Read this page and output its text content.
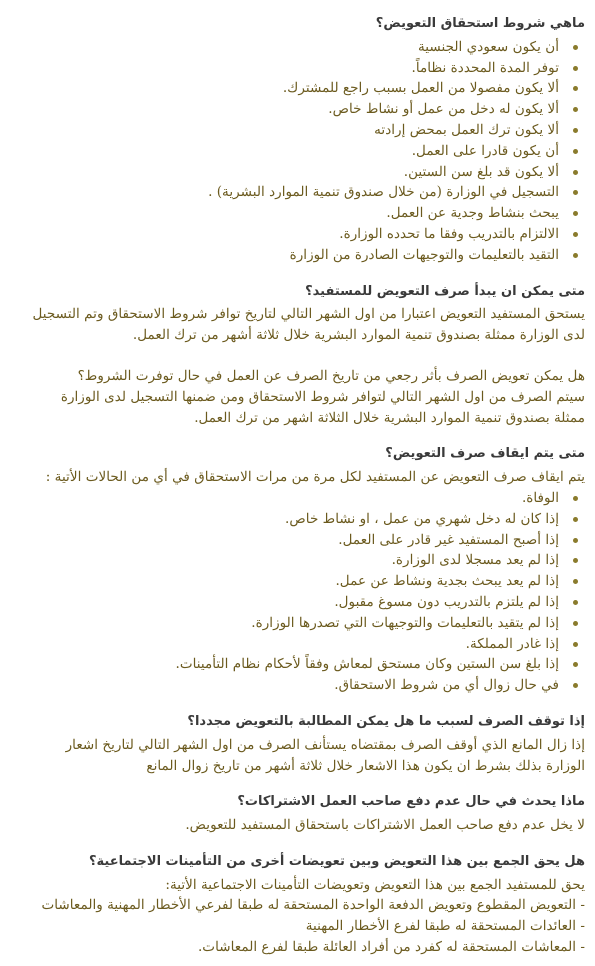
ماهي شروط استحقاق التعويض؟
أن يكون سعودي الجنسية
توفر المدة المحددة نظاماً.
ألا يكون مفصولا من العمل بسبب راجع للمشترك.
ألا يكون له دخل من عمل أو نشاط خاص.
ألا يكون ترك العمل بمحض إرادته
أن يكون قادرا على العمل.
ألا يكون قد بلغ سن الستين.
التسجيل في الوزارة (من خلال صندوق تنمية الموارد البشرية) .
يبحث بنشاط وجدية عن العمل.
الالتزام بالتدريب وفقا ما تحدده الوزارة.
التقيد بالتعليمات والتوجيهات الصادرة من الوزارة
متى يمكن ان يبدأ صرف التعويض للمستفيد؟

يستحق المستفيد التعويض اعتبارا من اول الشهر التالي لتاريخ توافر شروط الاستحقاق وتم التسجيل
لدى الوزارة ممثلة بصندوق تنمية الموارد البشرية خلال ثلاثة أشهر من ترك العمل.

هل يمكن تعويض الصرف بأثر رجعي من تاريخ الصرف عن العمل في حال توفرت الشروط؟
سيتم الصرف من اول الشهر التالي لتوافر شروط الاستحقاق ومن ضمنها التسجيل لدى الوزارة
ممثلة بصندوق تنمية الموارد البشرية خلال الثلاثة اشهر من ترك العمل.

متى يتم ايقاف صرف التعويض؟

يتم ايقاف صرف التعويض عن المستفيد لكل مرة من مرات الاستحقاق في أي من الحالات الأتية :

الوفاة.
إذا كان له دخل شهري من عمل ، او نشاط خاص.
إذا أصبح المستفيد غير قادر على العمل.
إذا لم يعد مسجلا لدى الوزارة.
إذا لم يعد يبحث بجدية ونشاط عن عمل.
إذا لم يلتزم بالتدريب دون مسوغ مقبول.
إذا لم يتقيد بالتعليمات والتوجيهات التي تصدرها الوزارة.
إذا غادر المملكة.
إذا بلغ سن الستين وكان مستحق لمعاش وفقاً لأحكام نظام التأمينات.
في حال زوال أي من شروط الاستحقاق.
إذا توقف الصرف لسبب ما هل يمكن المطالبة بالتعويض مجددا؟

إذا زال المانع الذي أوقف الصرف بمقتضاه يستأنف الصرف من اول الشهر التالي لتاريخ اشعار
الوزارة بذلك بشرط ان يكون هذا الاشعار خلال ثلاثة أشهر من تاريخ زوال المانع

ماذا يحدث في حال عدم دفع صاحب العمل الاشتراكات؟

لا يخل عدم دفع صاحب العمل الاشتراكات باستحقاق المستفيد للتعويض.

هل يحق الجمع بين هذا التعويض وبين تعويضات أخرى من التأمينات الاجتماعية؟

يحق للمستفيد الجمع بين هذا التعويض وتعويضات التأمينات الاجتماعية الأتية:

- التعويض المقطوع وتعويض الدفعة الواحدة المستحقة له طبقا لفرعي الأخطار المهنية والمعاشات
- العائدات المستحقة له طبقا لفرع الأخطار المهنية
- المعاشات المستحقة له كفرد من أفراد العائلة طبقا لفرع المعاشات.
